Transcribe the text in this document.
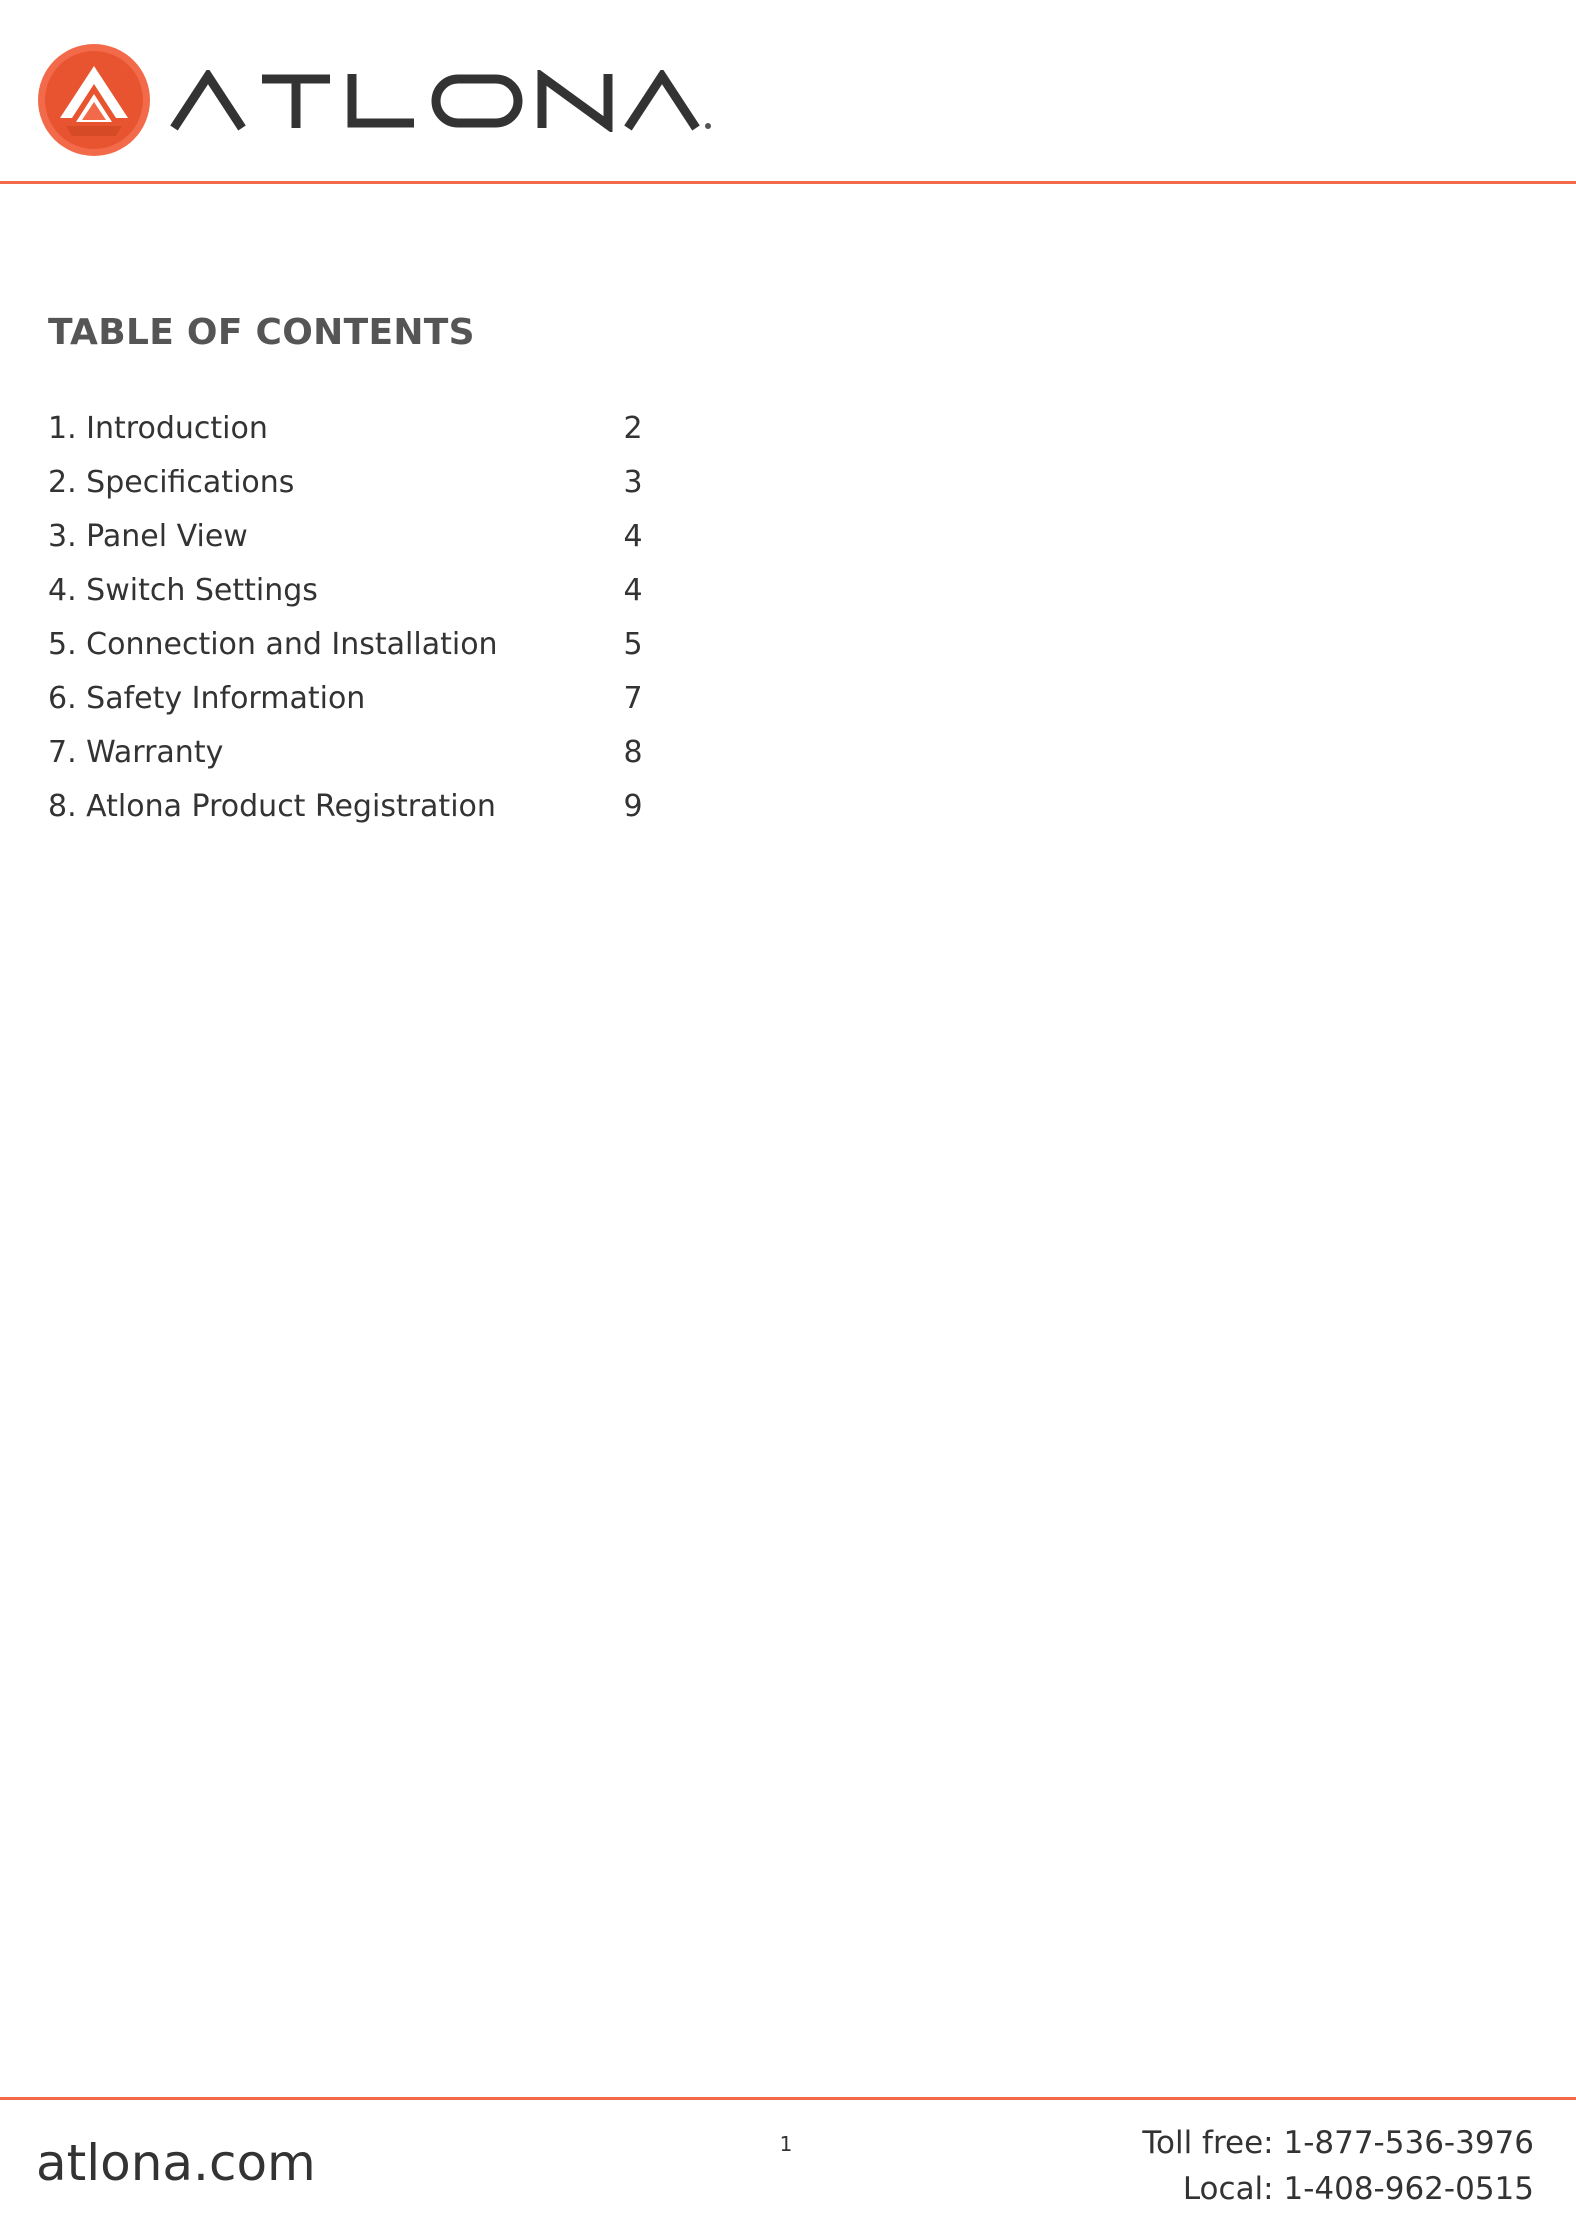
TABLE OF CONTENTS
1. Introduction	2
2. Specifications	3
3. Panel View	4
4. Switch Settings	4
5. Connection and Installation	5
6. Safety Information	7
7. Warranty	8
8. Atlona Product Registration	9
atlona.com	1	Toll free: 1-877-536-3976
Local: 1-408-962-0515
